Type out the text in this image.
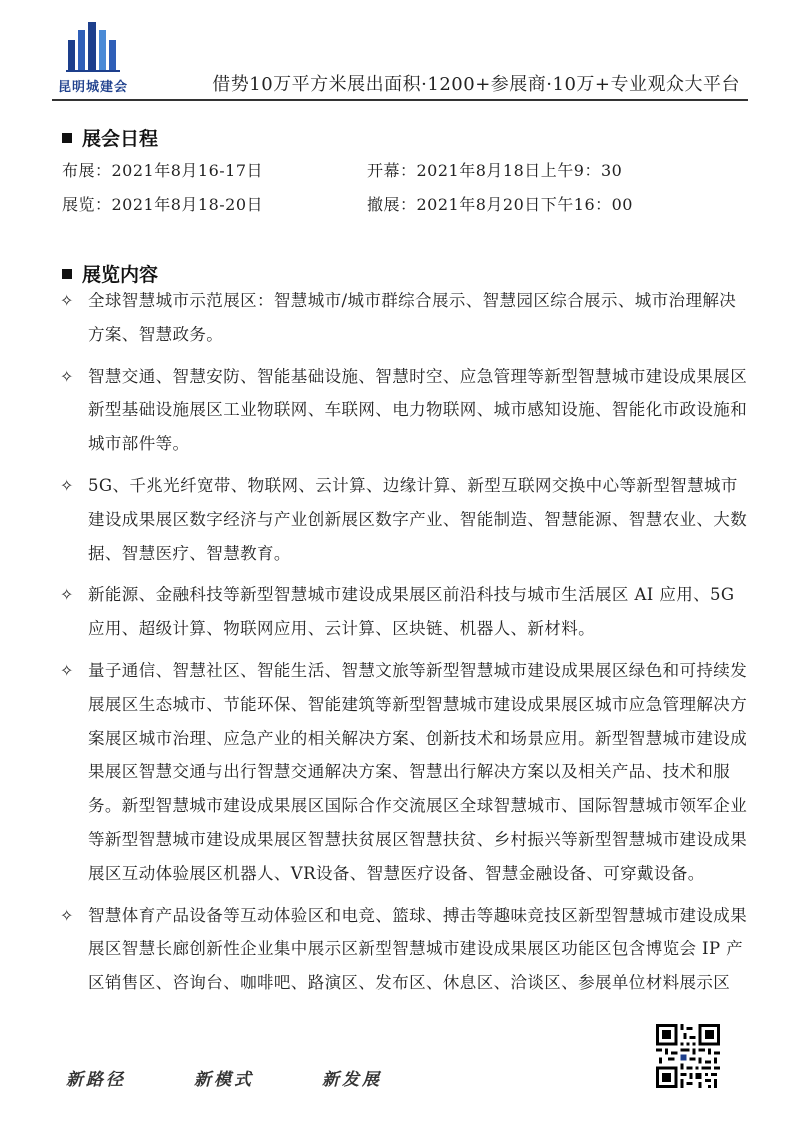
昆明城建会	借势10万平方米展出面积·1200+参展商·10万+专业观众大平台
展会日程
布展：2021年8月16-17日	开幕：2021年8月18日上午9：30
展览：2021年8月18-20日	撤展：2021年8月20日下午16：00
展览内容
✧ 全球智慧城市示范展区：智慧城市/城市群综合展示、智慧园区综合展示、城市治理解决方案、智慧政务。
✧ 智慧交通、智慧安防、智能基础设施、智慧时空、应急管理等新型智慧城市建设成果展区新型基础设施展区工业物联网、车联网、电力物联网、城市感知设施、智能化市政设施和城市部件等。
✧ 5G、千兆光纤宽带、物联网、云计算、边缘计算、新型互联网交换中心等新型智慧城市建设成果展区数字经济与产业创新展区数字产业、智能制造、智慧能源、智慧农业、大数据、智慧医疗、智慧教育。
✧ 新能源、金融科技等新型智慧城市建设成果展区前沿科技与城市生活展区 AI 应用、5G应用、超级计算、物联网应用、云计算、区块链、机器人、新材料。
✧ 量子通信、智慧社区、智能生活、智慧文旅等新型智慧城市建设成果展区绿色和可持续发展展区生态城市、节能环保、智能建筑等新型智慧城市建设成果展区城市应急管理解决方案展区城市治理、应急产业的相关解决方案、创新技术和场景应用。新型智慧城市建设成果展区智慧交通与出行智慧交通解决方案、智慧出行解决方案以及相关产品、技术和服务。新型智慧城市建设成果展区国际合作交流展区全球智慧城市、国际智慧城市领军企业等新型智慧城市建设成果展区智慧扶贫展区智慧扶贫、乡村振兴等新型智慧城市建设成果展区互动体验展区机器人、VR设备、智慧医疗设备、智慧金融设备、可穿戴设备。
✧ 智慧体育产品设备等互动体验区和电竞、篮球、搏击等趣味竞技区新型智慧城市建设成果展区智慧长廊创新性企业集中展示区新型智慧城市建设成果展区功能区包含博览会 IP 产区销售区、咨询台、咖啡吧、路演区、发布区、休息区、洽谈区、参展单位材料展示区
新路径	新模式	新发展
